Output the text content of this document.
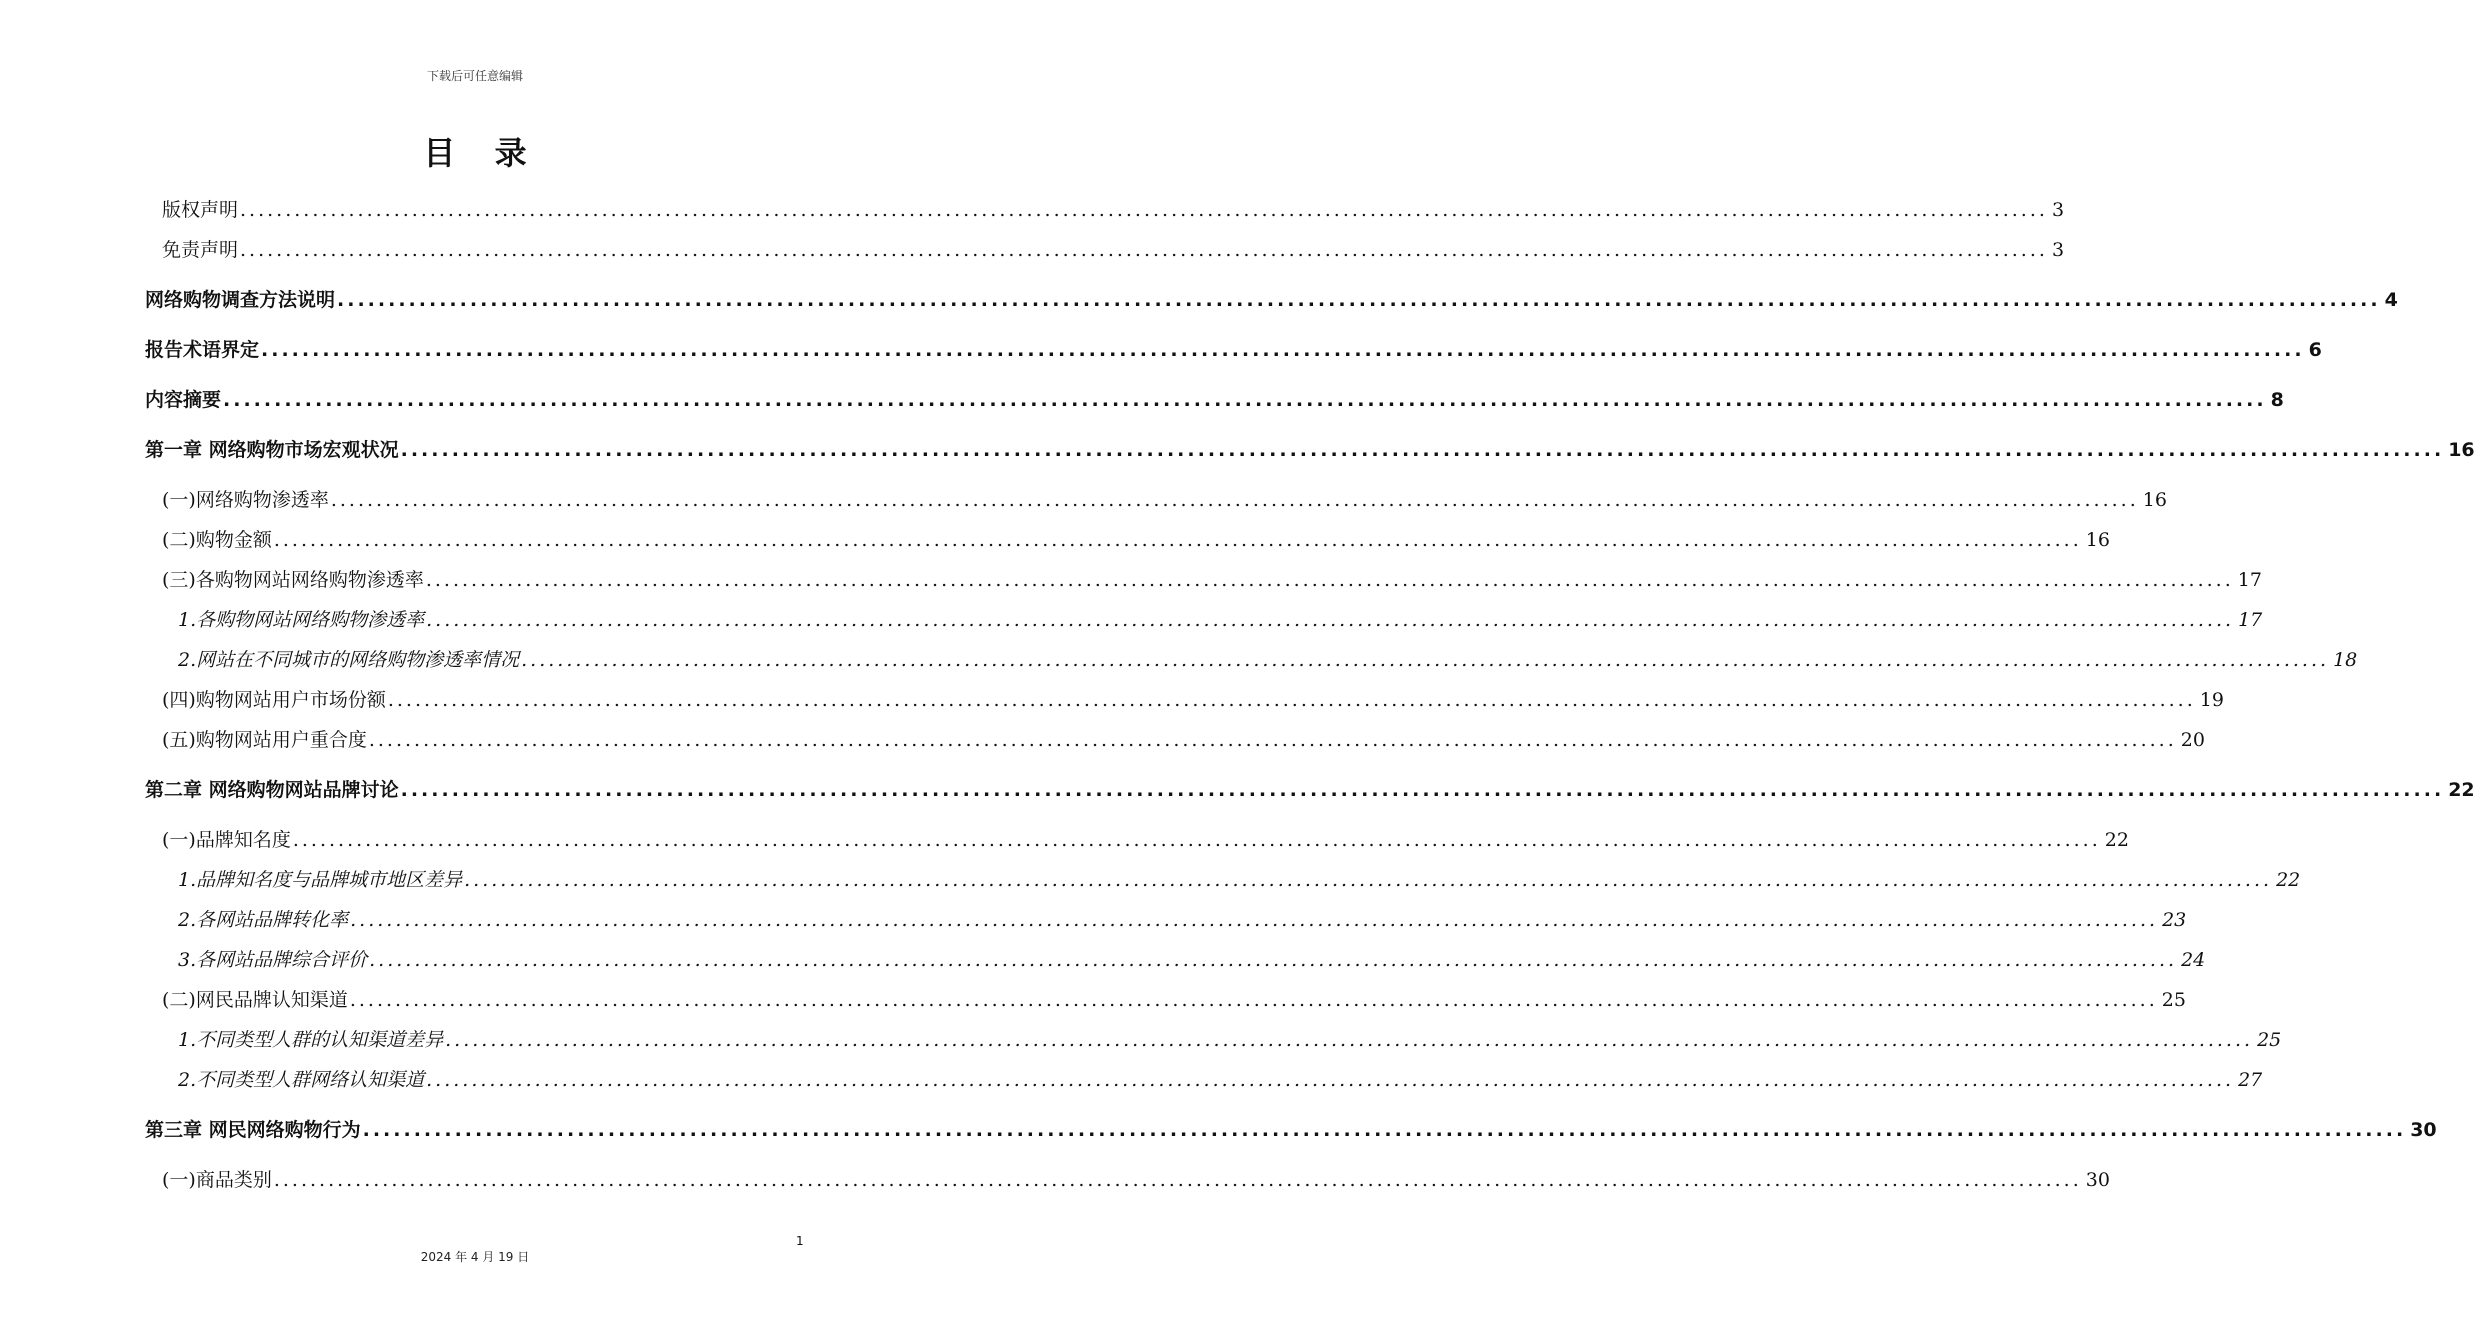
下载后可任意编辑
目 录
版权声明 ........................................................................................................................................................................................................ 3
免责声明 ........................................................................................................................................................................................................ 3
网络购物调查方法说明 ........................................................................................................................................................................................................ 4
报告术语界定 ........................................................................................................................................................................................................ 6
内容摘要 ........................................................................................................................................................................................................ 8
第一章 网络购物市场宏观状况 ........................................................................................................................................................................................................ 16
(一)网络购物渗透率 ........................................................................................................................................................................................................ 16
(二)购物金额 ........................................................................................................................................................................................................ 16
(三)各购物网站网络购物渗透率 ........................................................................................................................................................................................................ 17
1.各购物网站网络购物渗透率 ........................................................................................................................................................................................................ 17
2.网站在不同城市的网络购物渗透率情况 ........................................................................................................................................................................................................ 18
(四)购物网站用户市场份额 ........................................................................................................................................................................................................ 19
(五)购物网站用户重合度 ........................................................................................................................................................................................................ 20
第二章 网络购物网站品牌讨论 ........................................................................................................................................................................................................ 22
(一)品牌知名度 ........................................................................................................................................................................................................ 22
1.品牌知名度与品牌城市地区差异 ........................................................................................................................................................................................................ 22
2.各网站品牌转化率 ........................................................................................................................................................................................................ 23
3.各网站品牌综合评价 ........................................................................................................................................................................................................ 24
(二)网民品牌认知渠道 ........................................................................................................................................................................................................ 25
1.不同类型人群的认知渠道差异 ........................................................................................................................................................................................................ 25
2.不同类型人群网络认知渠道 ........................................................................................................................................................................................................ 27
第三章 网民网络购物行为 ........................................................................................................................................................................................................ 30
(一)商品类别 ........................................................................................................................................................................................................ 30
1
2024 年 4 月 19 日
